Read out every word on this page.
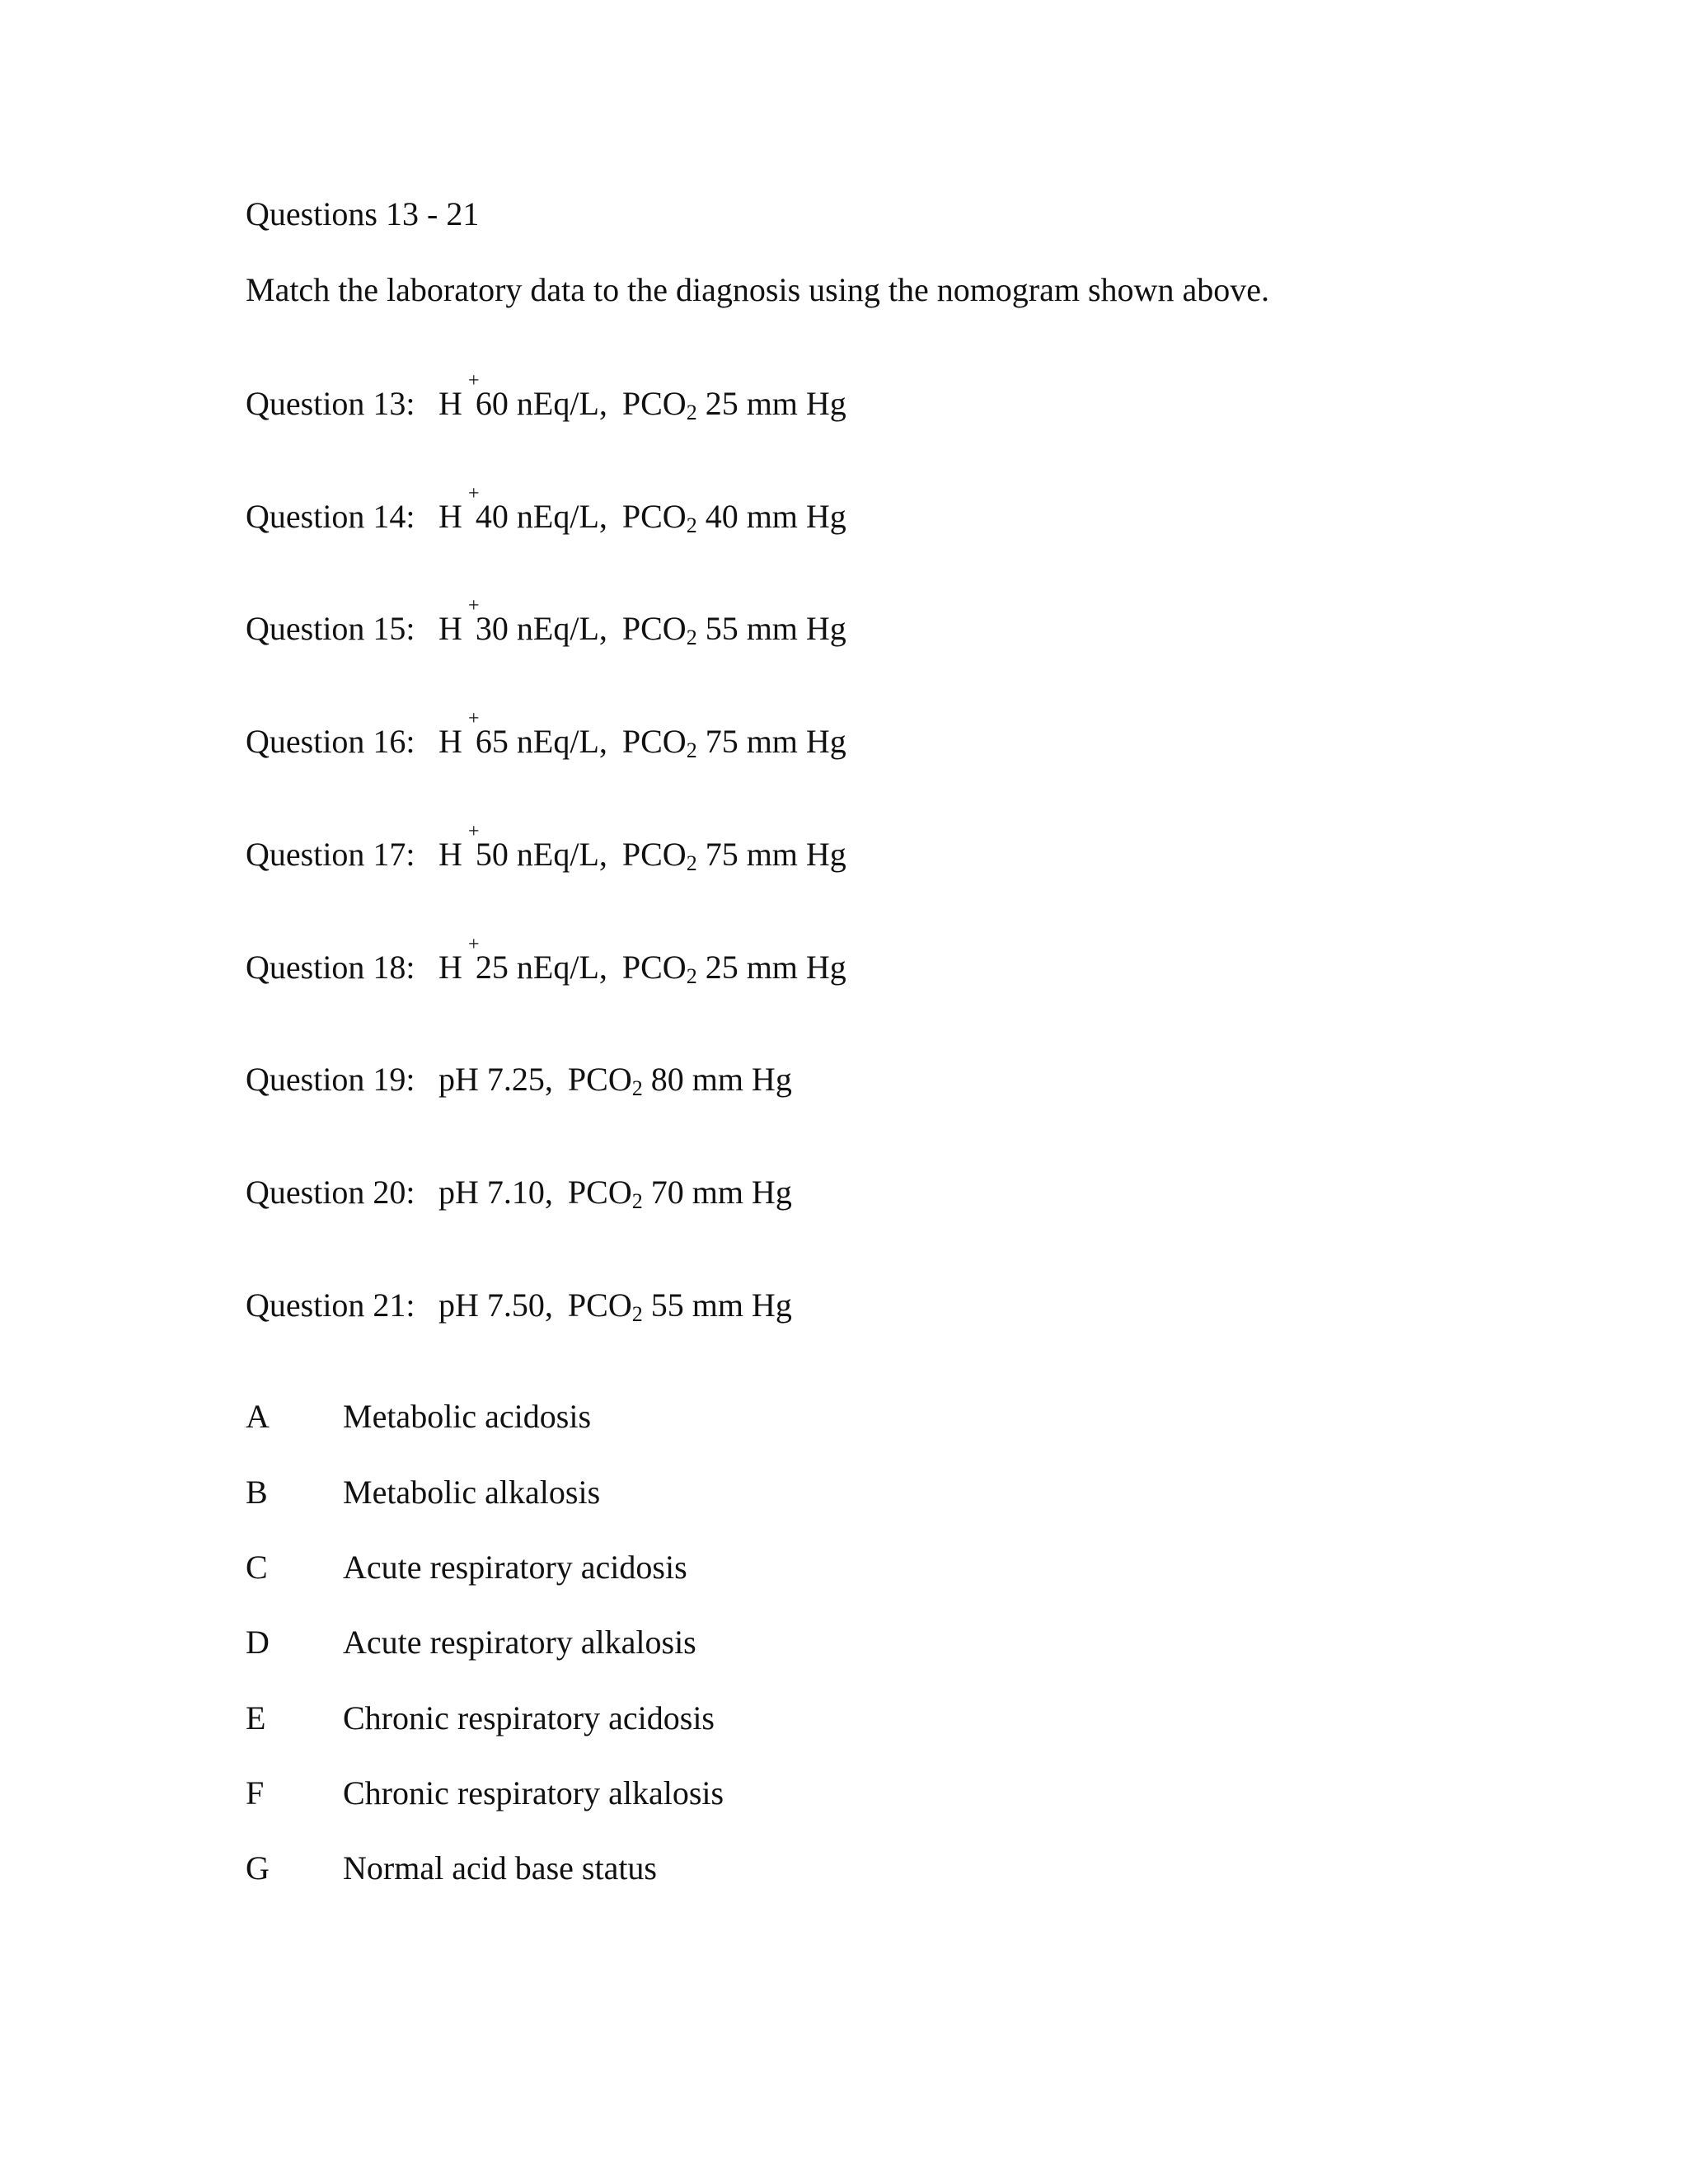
Questions 13 - 21
Match the laboratory data to the diagnosis using the nomogram shown above.
Question 13: H
+
60 nEq/L, $PCO_2$ 25 mm Hg
Question 14: H
+
40 nEq/L, $PCO_2$ 40 mm Hg
Question 15: H
+
30 nEq/L, $PCO_2$ 55 mm Hg
Question 16: H
+
65 nEq/L, $PCO_2$ 75 mm Hg
Question 17: H
+
50 nEq/L, $PCO_2$ 75 mm Hg
Question 18: H
+
25 nEq/L, $PCO_2$ 25 mm Hg
Question 19: pH 7.25, $PCO_2$ 80 mm Hg
Question 20: pH 7.10, $PCO_2$ 70 mm Hg
Question 21: pH 7.50, $PCO_2$ 55 mm Hg
A Metabolic acidosis
B Metabolic alkalosis
C Acute respiratory acidosis
D Acute respiratory alkalosis
E Chronic respiratory acidosis
F Chronic respiratory alkalosis
G Normal acid base status
